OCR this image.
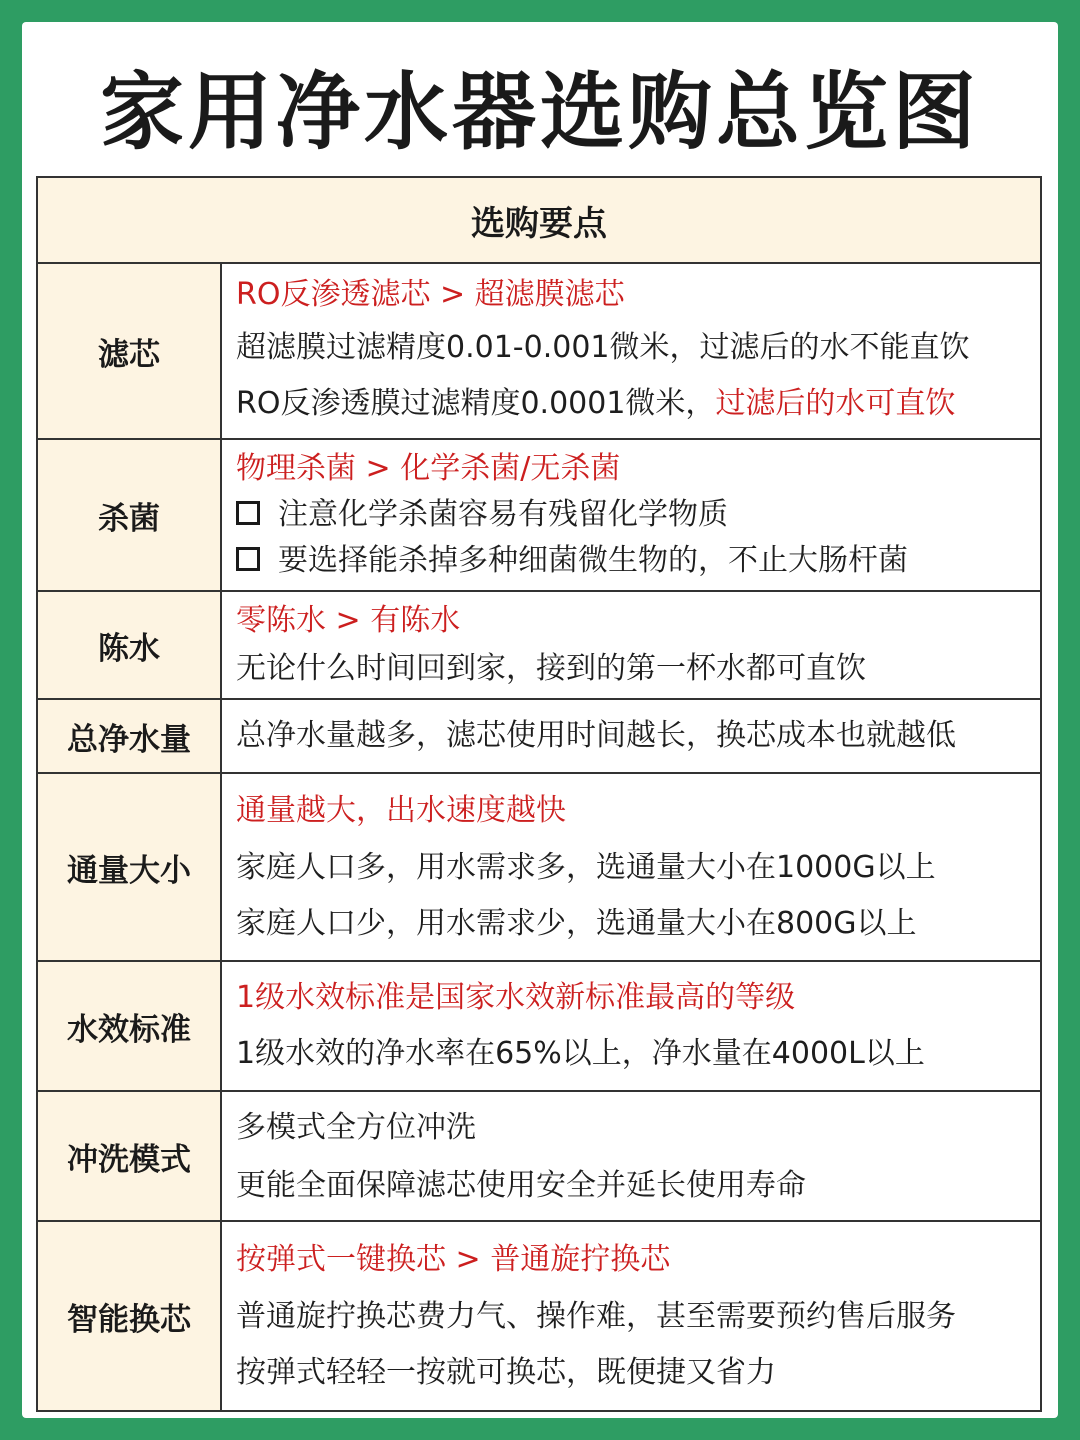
家用净水器选购总览图
选购要点
滤芯
RO反渗透滤芯 > 超滤膜滤芯
超滤膜过滤精度0.01-0.001微米，过滤后的水不能直饮
RO反渗透膜过滤精度0.0001微米，过滤后的水可直饮
杀菌
物理杀菌 > 化学杀菌/无杀菌
注意化学杀菌容易有残留化学物质
要选择能杀掉多种细菌微生物的，不止大肠杆菌
陈水
零陈水 > 有陈水
无论什么时间回到家，接到的第一杯水都可直饮
总净水量	总净水量越多，滤芯使用时间越长，换芯成本也就越低
通量大小
通量越大，出水速度越快
家庭人口多，用水需求多，选通量大小在1000G以上
家庭人口少，用水需求少，选通量大小在800G以上
水效标准
1级水效标准是国家水效新标准最高的等级
1级水效的净水率在65%以上，净水量在4000L以上
冲洗模式
多模式全方位冲洗
更能全面保障滤芯使用安全并延长使用寿命
智能换芯
按弹式一键换芯 > 普通旋拧换芯
普通旋拧换芯费力气、操作难，甚至需要预约售后服务
按弹式轻轻一按就可换芯，既便捷又省力
